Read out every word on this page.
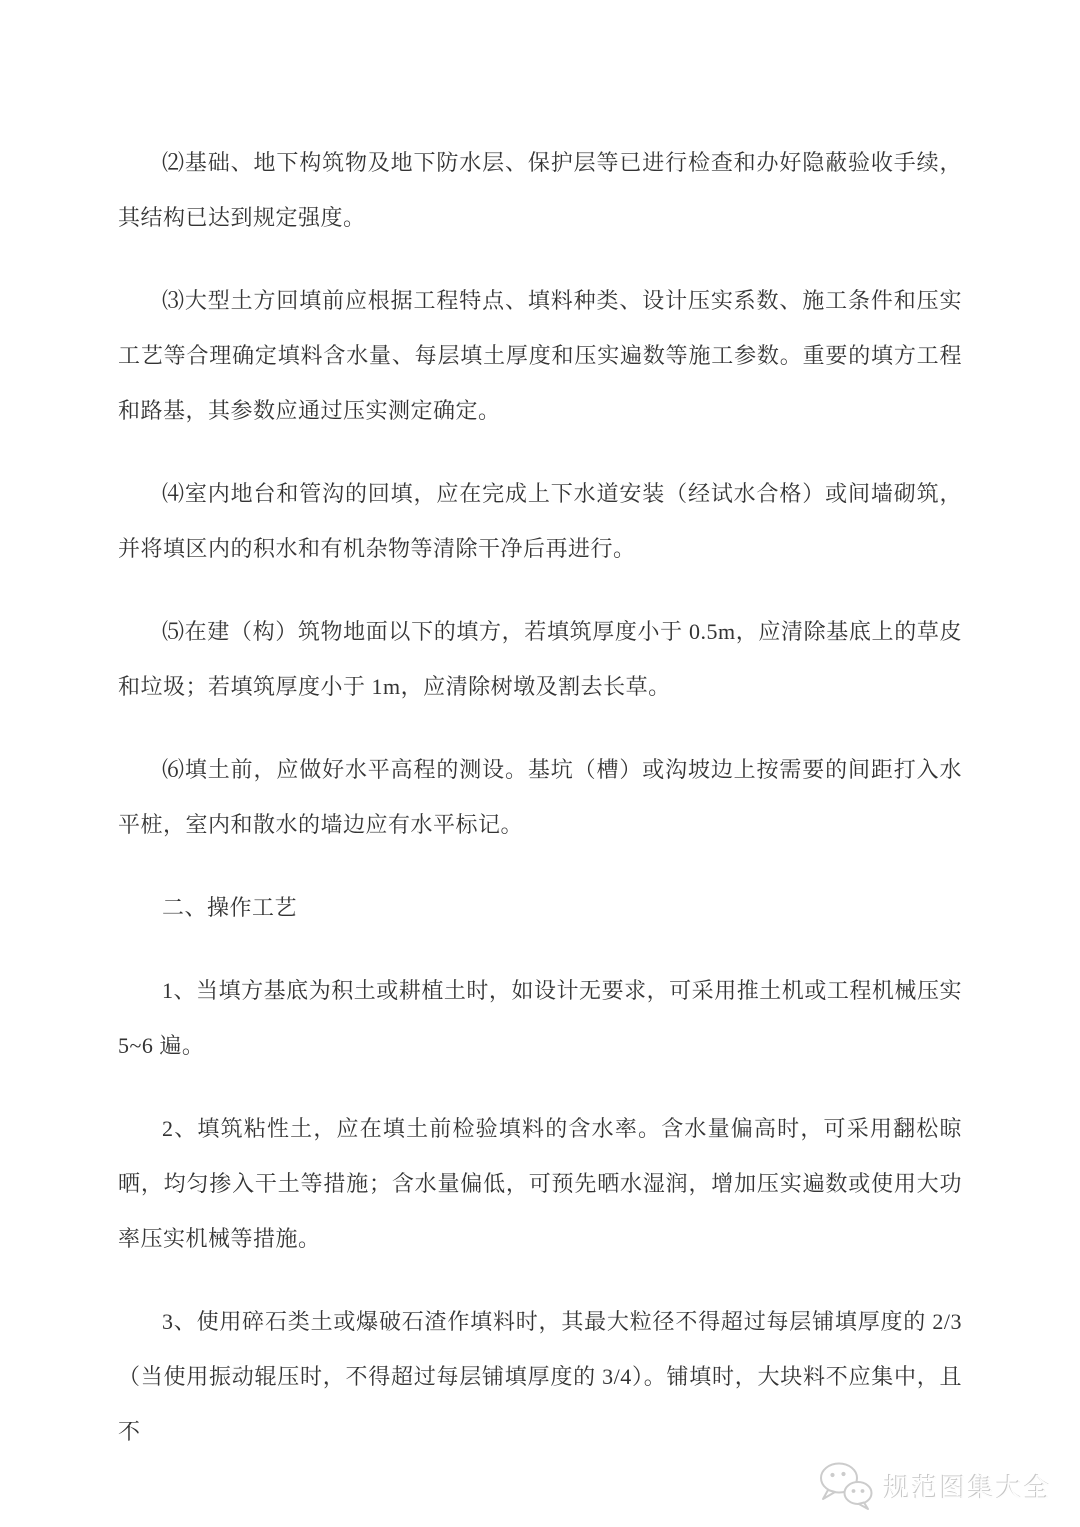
⑵基础、地下构筑物及地下防水层、保护层等已进行检查和办好隐蔽验收手续，其结构已达到规定强度。

⑶大型土方回填前应根据工程特点、填料种类、设计压实系数、施工条件和压实工艺等合理确定填料含水量、每层填土厚度和压实遍数等施工参数。重要的填方工程和路基，其参数应通过压实测定确定。

⑷室内地台和管沟的回填，应在完成上下水道安装（经试水合格）或间墙砌筑，并将填区内的积水和有机杂物等清除干净后再进行。

⑸在建（构）筑物地面以下的填方，若填筑厚度小于 0.5m，应清除基底上的草皮和垃圾；若填筑厚度小于 1m，应清除树墩及割去长草。

⑹填土前，应做好水平高程的测设。基坑（槽）或沟坡边上按需要的间距打入水平桩，室内和散水的墙边应有水平标记。

二、操作工艺

1、当填方基底为积土或耕植土时，如设计无要求，可采用推土机或工程机械压实 5~6 遍。

2、填筑粘性土，应在填土前检验填料的含水率。含水量偏高时，可采用翻松晾晒，均匀掺入干土等措施；含水量偏低，可预先晒水湿润，增加压实遍数或使用大功率压实机械等措施。

3、使用碎石类土或爆破石渣作填料时，其最大粒径不得超过每层铺填厚度的 2/3（当使用振动辊压时，不得超过每层铺填厚度的 3/4）。铺填时，大块料不应集中，且不

规范图集大全
